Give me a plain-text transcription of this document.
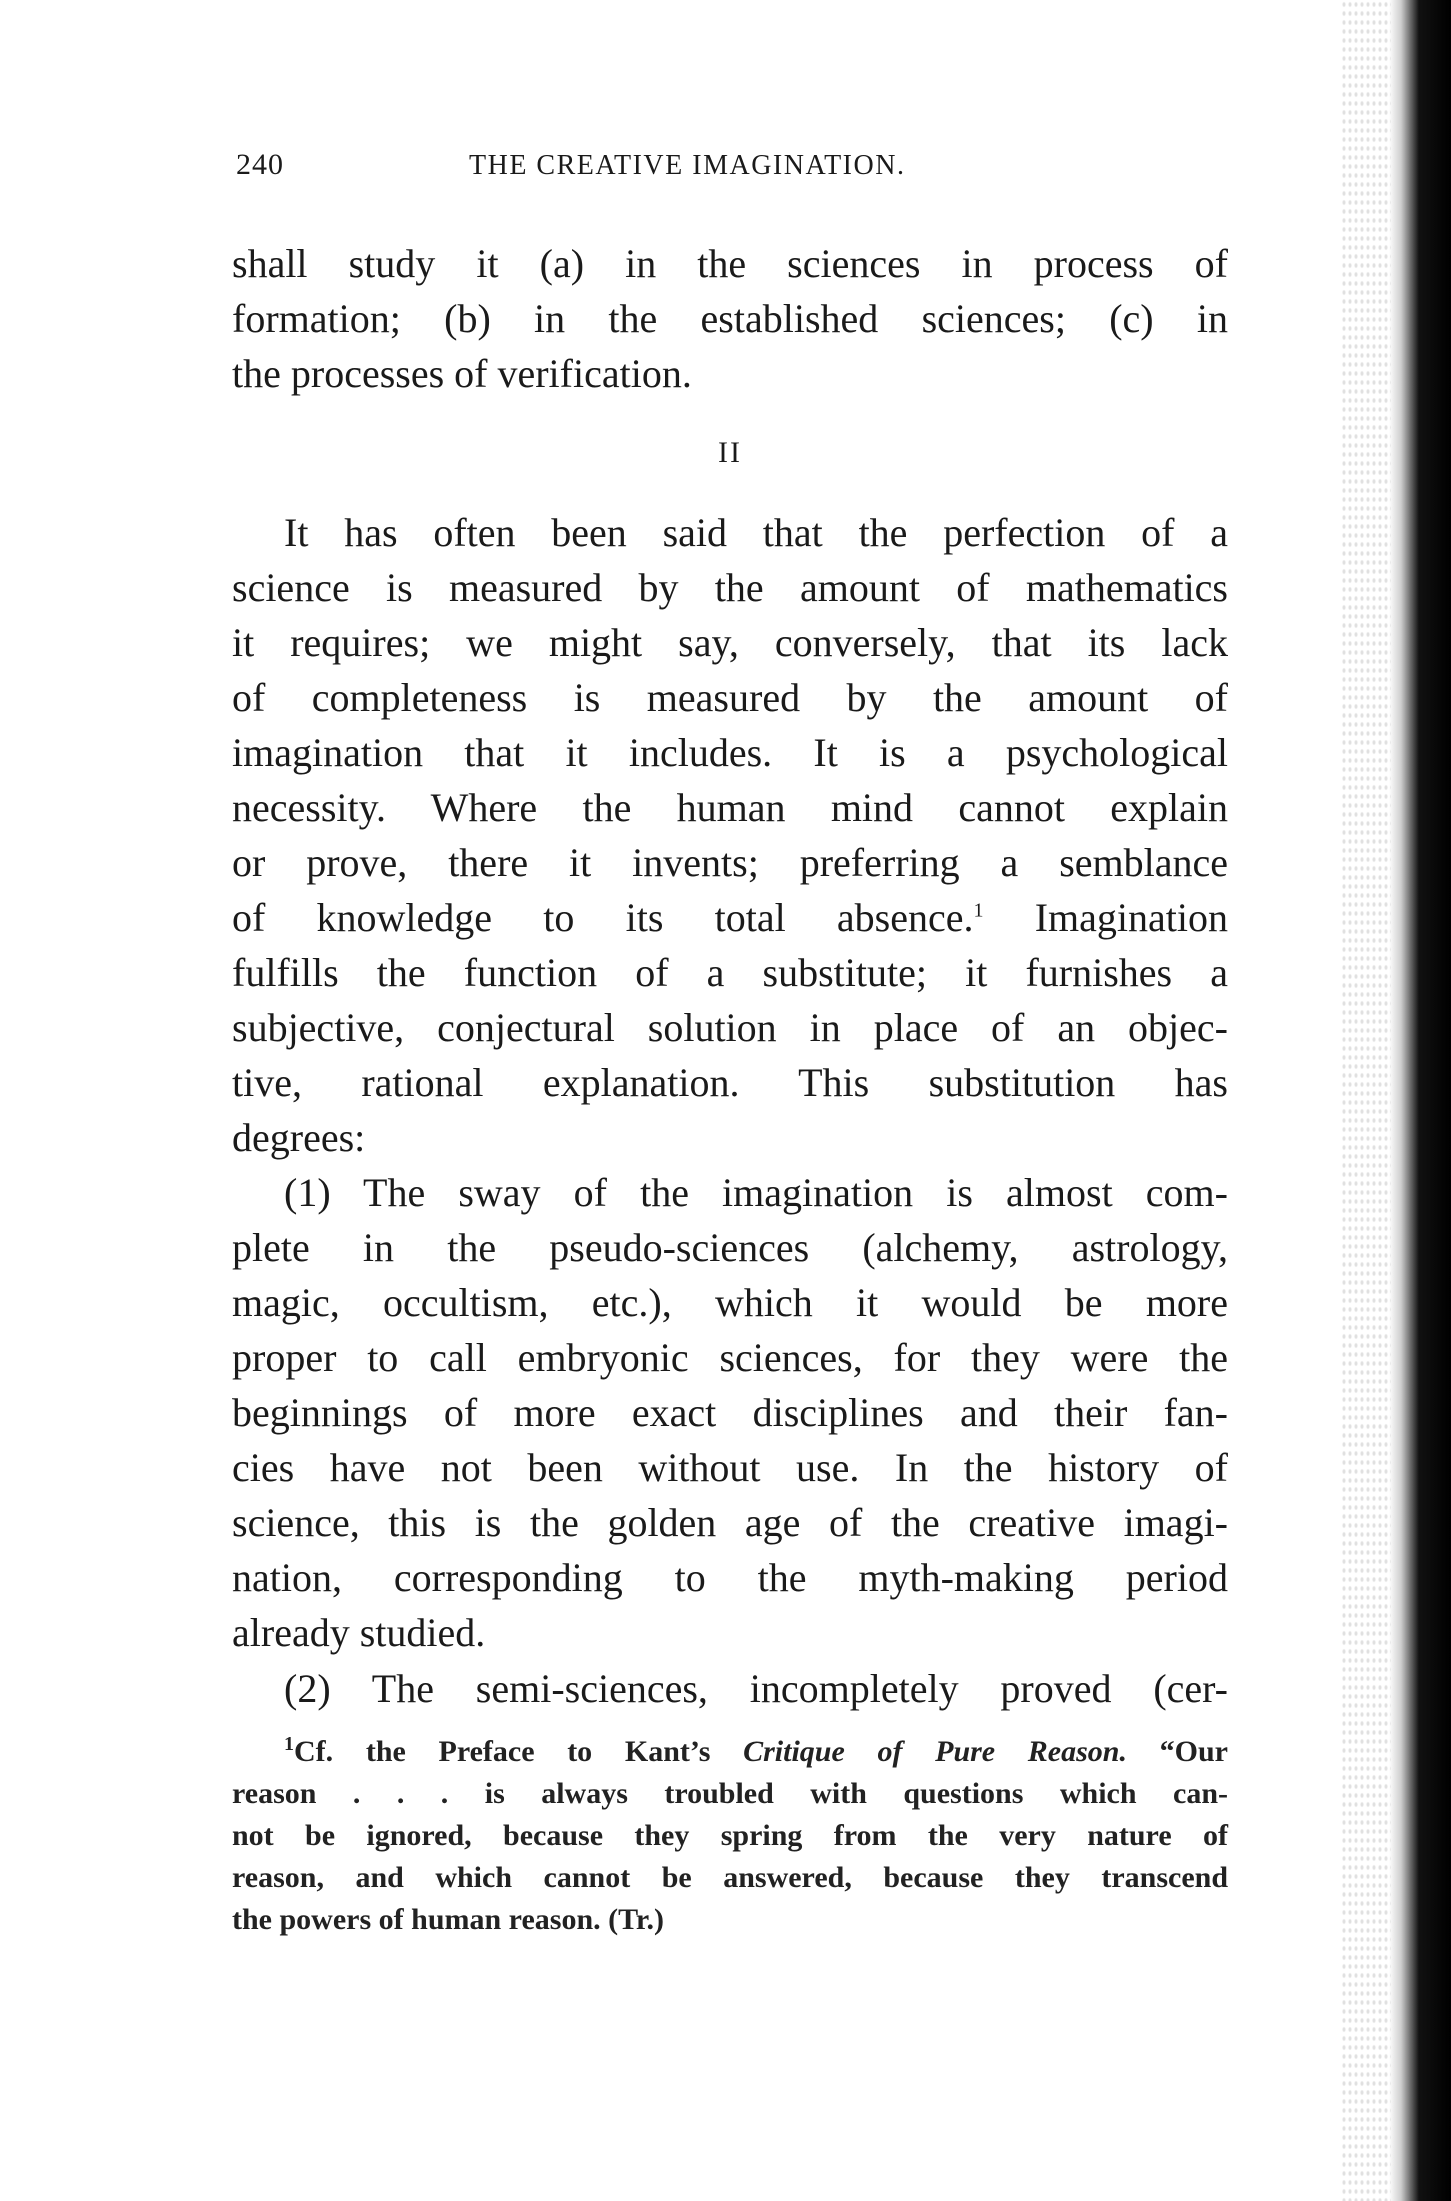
240	THE CREATIVE IMAGINATION.
shall study it (a) in the sciences in process of
formation; (b) in the established sciences; (c) in
the processes of verification.
II
It has often been said that the perfection of a
science is measured by the amount of mathematics
it requires; we might say, conversely, that its lack
of completeness is measured by the amount of
imagination that it includes. It is a psychological
necessity. Where the human mind cannot explain
or prove, there it invents; preferring a semblance
of knowledge to its total absence.$^1$ Imagination
fulfills the function of a substitute; it furnishes a
subjective, conjectural solution in place of an objec-
tive, rational explanation. This substitution has
degrees:
(1) The sway of the imagination is almost com-
plete in the pseudo-sciences (alchemy, astrology,
magic, occultism, etc.), which it would be more
proper to call embryonic sciences, for they were the
beginnings of more exact disciplines and their fan-
cies have not been without use. In the history of
science, this is the golden age of the creative imagi-
nation, corresponding to the myth-making period
already studied.
(2) The semi-sciences, incompletely proved (cer-
$^1$Cf. the Preface to Kant’s Critique of Pure Reason. “Our
reason . . . is always troubled with questions which can-
not be ignored, because they spring from the very nature of
reason, and which cannot be answered, because they transcend
the powers of human reason. (Tr.)
